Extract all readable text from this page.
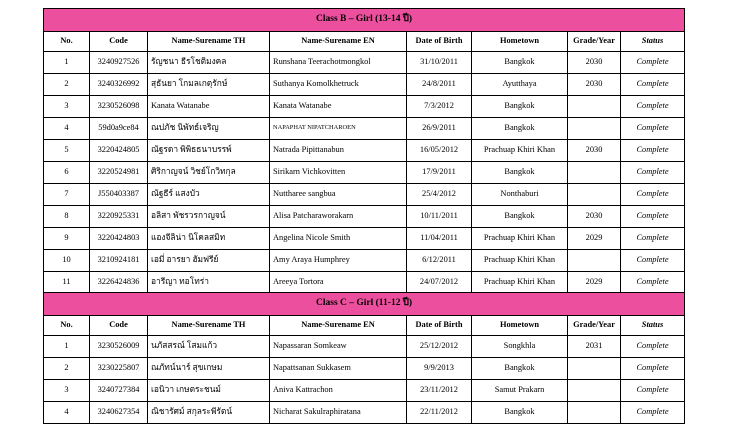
Class B – Girl (13-14 ปี)							
No.	Code	Name-Surename TH	Name-Surename EN	Date of Birth	Hometown	Grade/Year	Status
1	3240927526	รัญชนา ธีรโชติมงคล	Runshana Teerachotmongkol	31/10/2011	Bangkok	2030	Complete
2	3240326992	สุธันยา โกมลเกตุรักษ์	Suthanya Komolkhetruck	24/8/2011	Ayutthaya	2030	Complete
3	3230526098	Kanata Watanabe	Kanata Watanabe	7/3/2012	Bangkok		Complete
4	59d0a9ce84	ณปภัช นิพัทธ์เจริญ	NAPAPHAT NIPATCHAROEN	26/9/2011	Bangkok		Complete
5	3220424805	ณัฐรดา พิพิธธนาบรรพ์	Natrada Pipittanabun	16/05/2012	Prachuap Khiri Khan	2030	Complete
6	3220524981	ศิริกาญจน์ วิชย์โกวิทกุล	Sirikarn Vichkovitten	17/9/2011	Bangkok		Complete
7	J550403387	ณัฐธีร์ แสงบัว	Nuttharee sangbua	25/4/2012	Nonthaburi		Complete
8	3220925331	อลิสา พัชรวรกาญจน์	Alisa Patcharaworakarn	10/11/2011	Bangkok	2030	Complete
9	3220424803	แองจีลิน่า นิโคลสมิท	Angelina Nicole Smith	11/04/2011	Prachuap Khiri Khan	2029	Complete
10	3210924181	เอมี่ อารยา ฮัมฟรีย์	Amy Araya Humphrey	6/12/2011	Prachuap Khiri Khan		Complete
11	3226424836	อารีญา ทอโทร่า	Areeya Tortora	24/07/2012	Prachuap Khiri Khan	2029	Complete
Class C – Girl (11-12 ปี)							
No.	Code	Name-Surename TH	Name-Surename EN	Date of Birth	Hometown	Grade/Year	Status
1	3230526009	นภัสสรณ์ โสมแก้ว	Napassaran Somkeaw	25/12/2012	Songkhla	2031	Complete
2	3230225807	ณภัทน์นาร์ สุขเกษม	Napattsanan Sukkasem	9/9/2013	Bangkok		Complete
3	3240727384	เอนิวา เกษตระชนม์	Aniva Kattrachon	23/11/2012	Samut Prakarn		Complete
4	3240627354	ณิชารัศม์ สกุลระพีรัตน์	Nicharat Sakulraphiratana	22/11/2012	Bangkok		Complete
